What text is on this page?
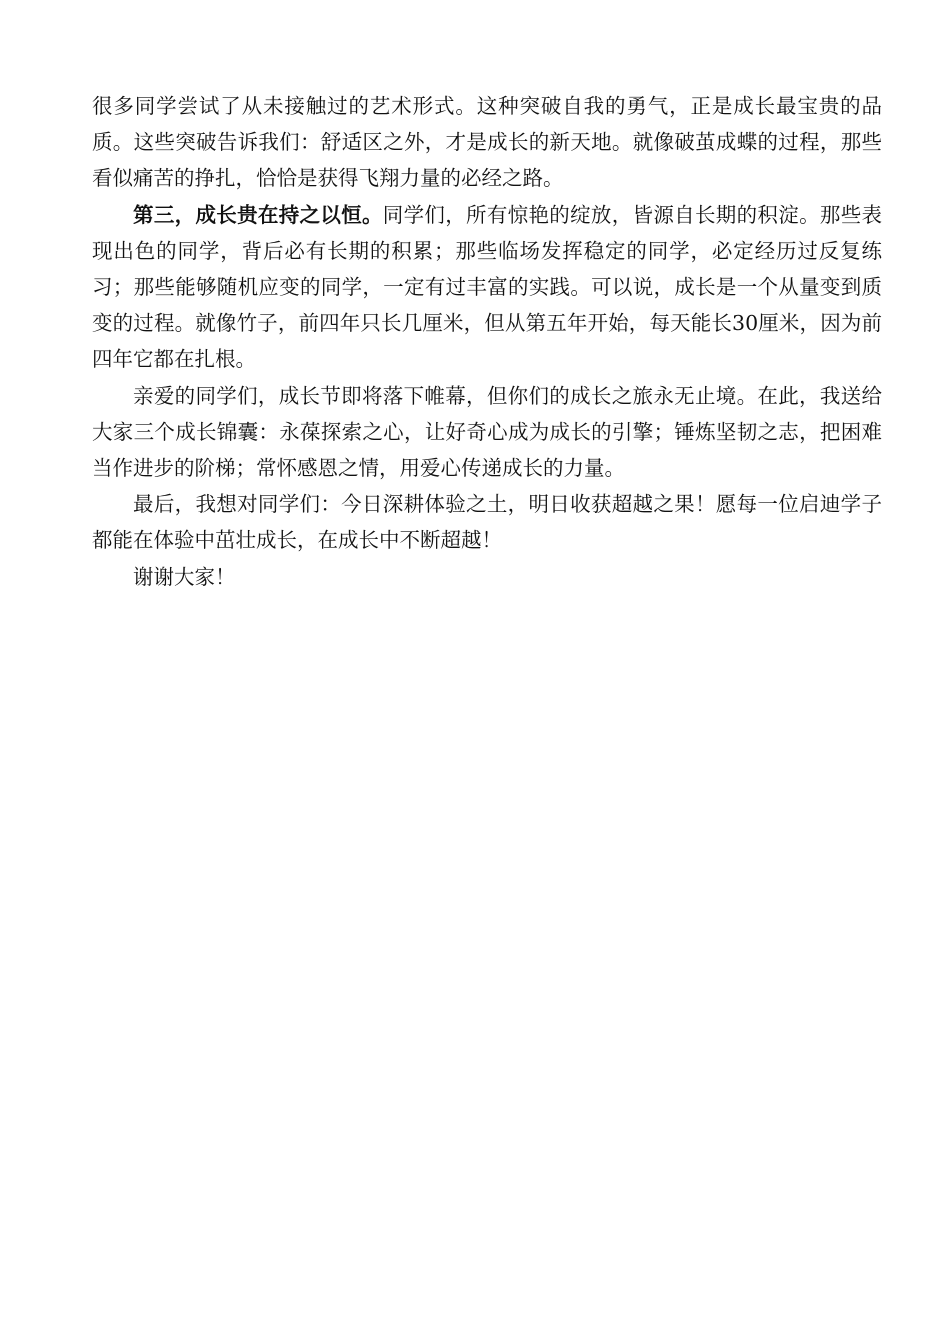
很多同学尝试了从未接触过的艺术形式。这种突破自我的勇气，正是成长最宝贵的品质。这些突破告诉我们：舒适区之外，才是成长的新天地。就像破茧成蝶的过程，那些看似痛苦的挣扎，恰恰是获得飞翔力量的必经之路。

第三，成长贵在持之以恒。同学们，所有惊艳的绽放，皆源自长期的积淀。那些表现出色的同学，背后必有长期的积累；那些临场发挥稳定的同学，必定经历过反复练习；那些能够随机应变的同学，一定有过丰富的实践。可以说，成长是一个从量变到质变的过程。就像竹子，前四年只长几厘米，但从第五年开始，每天能长30厘米，因为前四年它都在扎根。

亲爱的同学们，成长节即将落下帷幕，但你们的成长之旅永无止境。在此，我送给大家三个成长锦囊：永葆探索之心，让好奇心成为成长的引擎；锤炼坚韧之志，把困难当作进步的阶梯；常怀感恩之情，用爱心传递成长的力量。

最后，我想对同学们：今日深耕体验之土，明日收获超越之果！愿每一位启迪学子都能在体验中茁壮成长，在成长中不断超越！

谢谢大家！
